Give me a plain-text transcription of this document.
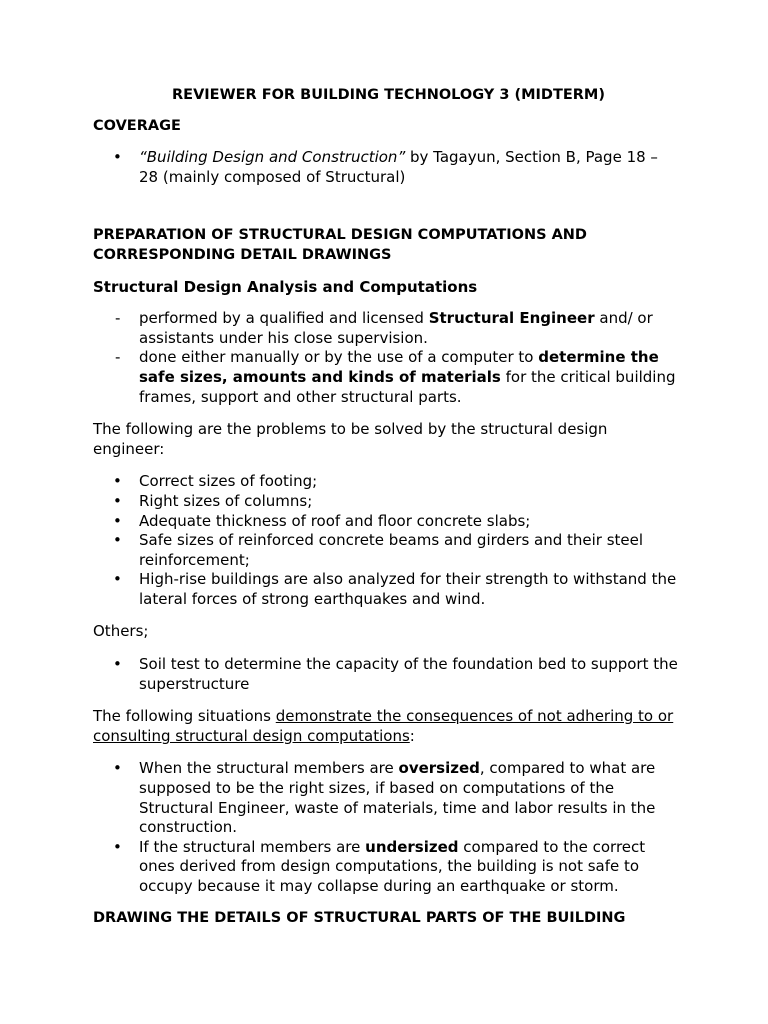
REVIEWER FOR BUILDING TECHNOLOGY 3 (MIDTERM)

COVERAGE

• “Building Design and Construction” by Tagayun, Section B, Page 18 – 28 (mainly composed of Structural)

PREPARATION OF STRUCTURAL DESIGN COMPUTATIONS AND CORRESPONDING DETAIL DRAWINGS

Structural Design Analysis and Computations

- performed by a qualified and licensed Structural Engineer and/ or assistants under his close supervision.
- done either manually or by the use of a computer to determine the safe sizes, amounts and kinds of materials for the critical building frames, support and other structural parts.

The following are the problems to be solved by the structural design engineer:

• Correct sizes of footing;
• Right sizes of columns;
• Adequate thickness of roof and floor concrete slabs;
• Safe sizes of reinforced concrete beams and girders and their steel reinforcement;
• High-rise buildings are also analyzed for their strength to withstand the lateral forces of strong earthquakes and wind.

Others;

• Soil test to determine the capacity of the foundation bed to support the superstructure

The following situations demonstrate the consequences of not adhering to or consulting structural design computations:

• When the structural members are oversized, compared to what are supposed to be the right sizes, if based on computations of the Structural Engineer, waste of materials, time and labor results in the construction.
• If the structural members are undersized compared to the correct ones derived from design computations, the building is not safe to occupy because it may collapse during an earthquake or storm.

DRAWING THE DETAILS OF STRUCTURAL PARTS OF THE BUILDING
